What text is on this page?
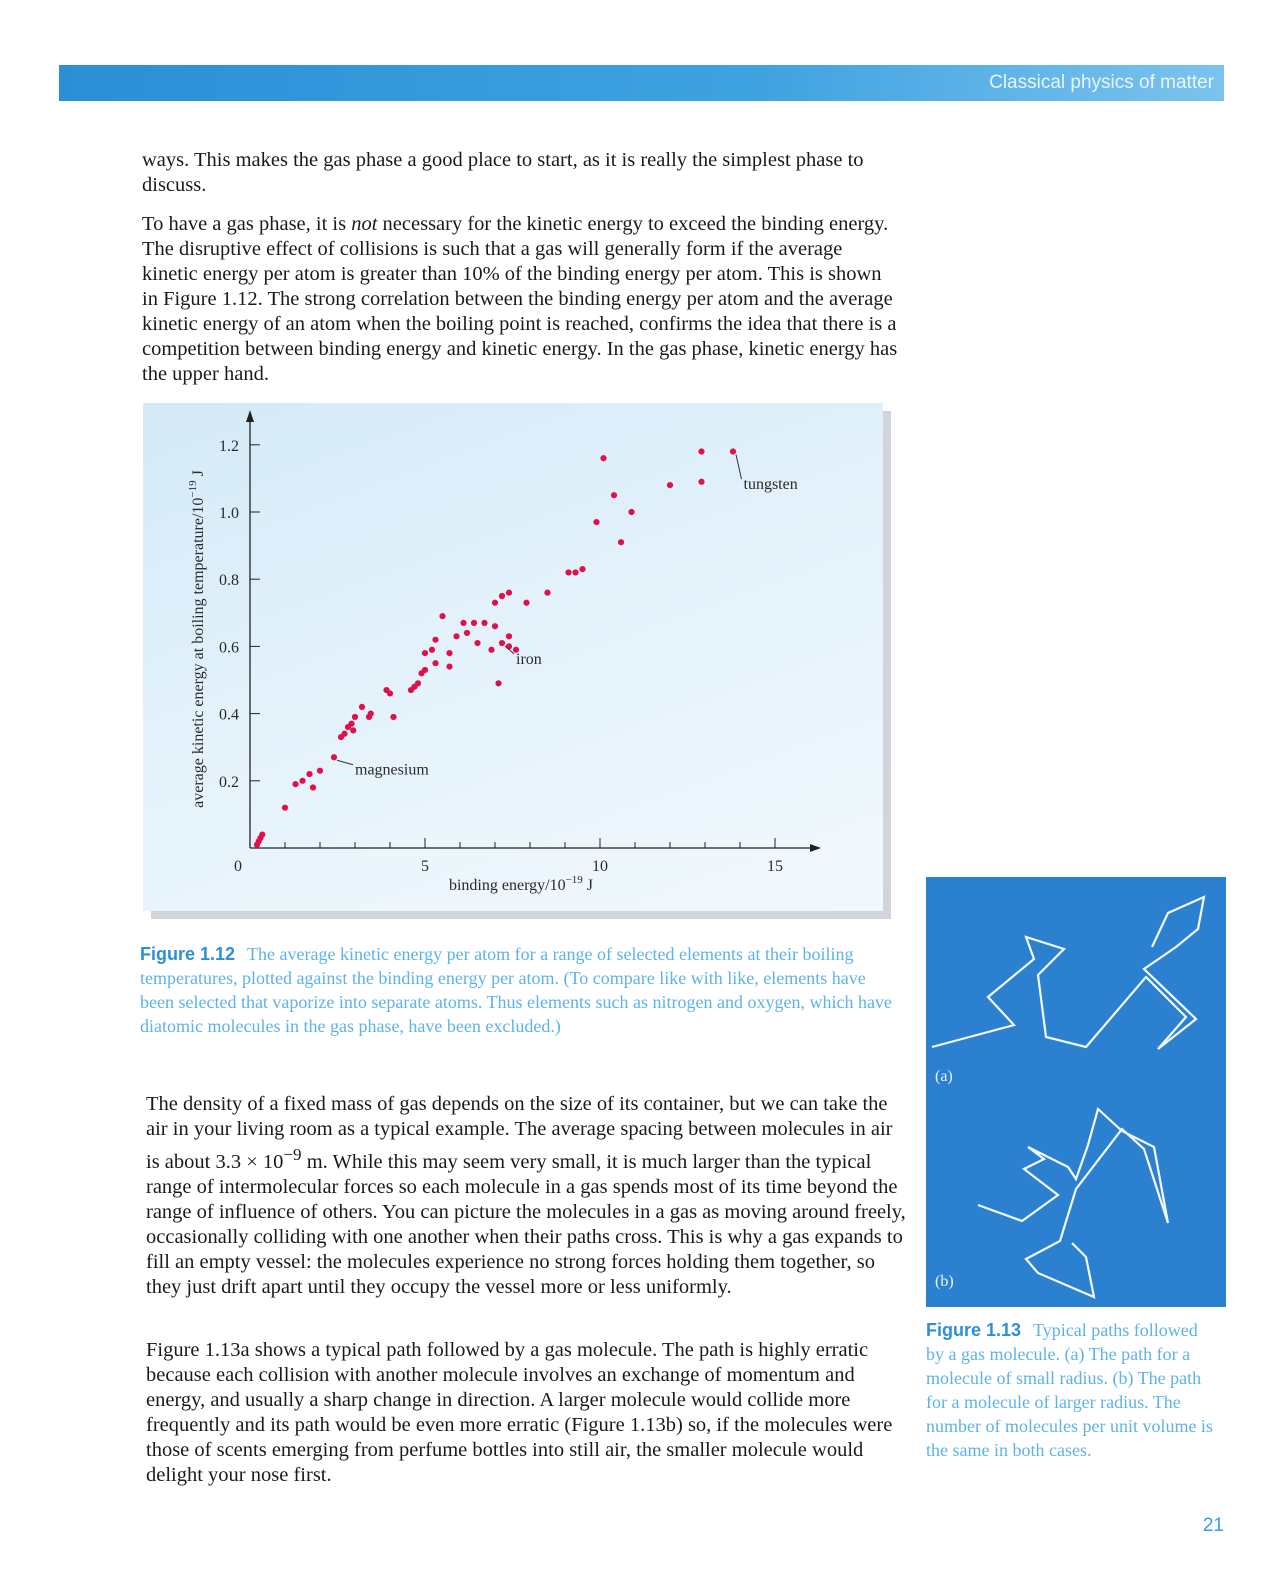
Classical physics of matter

ways. This makes the gas phase a good place to start, as it is really the simplest phase to discuss.

To have a gas phase, it is not necessary for the kinetic energy to exceed the binding energy. The disruptive effect of collisions is such that a gas will generally form if the average kinetic energy per atom is greater than 10% of the binding energy per atom. This is shown in Figure 1.12. The strong correlation between the binding energy per atom and the average kinetic energy of an atom when the boiling point is reached, confirms the idea that there is a competition between binding energy and kinetic energy. In the gas phase, kinetic energy has the upper hand.

0	5	10	15
0.2
0.4
0.6
0.8
1.0
1.2
tungsten
iron
magnesium
binding energy/$10^{-19}$ J
average kinetic energy at boiling temperature/$10^{-19}$ J

Figure 1.12 The average kinetic energy per atom for a range of selected elements at their boiling temperatures, plotted against the binding energy per atom. (To compare like with like, elements have been selected that vaporize into separate atoms. Thus elements such as nitrogen and oxygen, which have diatomic molecules in the gas phase, have been excluded.)

The density of a fixed mass of gas depends on the size of its container, but we can take the air in your living room as a typical example. The average spacing between molecules in air is about $3.3 \times 10^{-9}$ m. While this may seem very small, it is much larger than the typical range of intermolecular forces so each molecule in a gas spends most of its time beyond the range of influence of others. You can picture the molecules in a gas as moving around freely, occasionally colliding with one another when their paths cross. This is why a gas expands to fill an empty vessel: the molecules experience no strong forces holding them together, so they just drift apart until they occupy the vessel more or less uniformly.

Figure 1.13a shows a typical path followed by a gas molecule. The path is highly erratic because each collision with another molecule involves an exchange of momentum and energy, and usually a sharp change in direction. A larger molecule would collide more frequently and its path would be even more erratic (Figure 1.13b) so, if the molecules were those of scents emerging from perfume bottles into still air, the smaller molecule would delight your nose first.

(a)
(b)

Figure 1.13 Typical paths followed by a gas molecule. (a) The path for a molecule of small radius. (b) The path for a molecule of larger radius. The number of molecules per unit volume is the same in both cases.

21
